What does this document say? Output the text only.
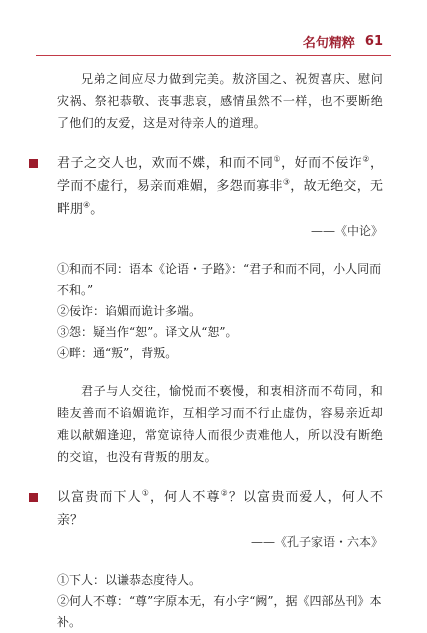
名句精粹 61

兄弟之间应尽力做到完美。敖济国之、祝贺喜庆、慰问灾祸、祭祀恭敬、丧事悲哀，感情虽然不一样，也不要断绝了他们的友爱，这是对待亲人的道理。

君子之交人也，欢而不媟，和而不同①，好而不佞诈②，学而不虚行，易亲而难媚，多怨而寡非③，故无绝交，无畔朋④。

——《中论》

①和而不同：语本《论语・子路》：“君子和而不同，小人同而不和。”

②佞诈：谄媚而诡计多端。

③怨：疑当作“恕”。译文从“恕”。

④畔：通“叛”，背叛。

君子与人交往，愉悦而不亵慢，和衷相济而不苟同，和睦友善而不谄媚诡诈，互相学习而不行止虚伪，容易亲近却难以献媚逢迎，常宽谅待人而很少责难他人，所以没有断绝的交谊，也没有背叛的朋友。

以富贵而下人①，何人不尊②？以富贵而爱人，何人不亲？

——《孔子家语・六本》

①下人：以谦恭态度待人。

②何人不尊：“尊”字原本无，有小字“阙”，据《四部丛刊》本补。
